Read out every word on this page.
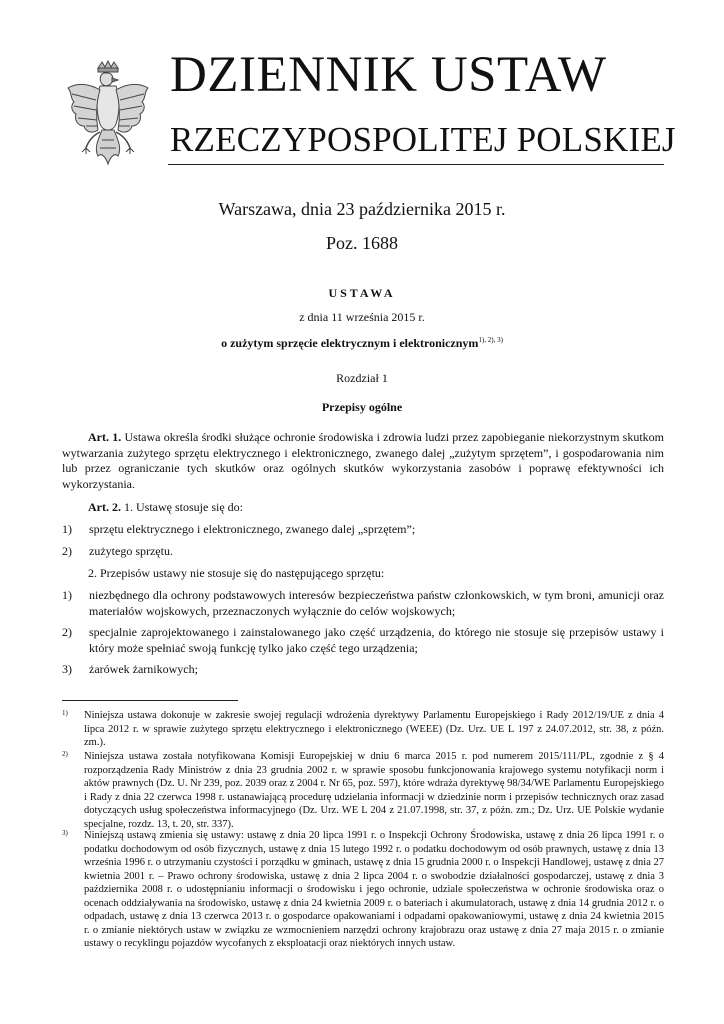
DZIENNIK USTAW
RZECZYPOSPOLITEJ POLSKIEJ
Warszawa, dnia 23 października 2015 r.
Poz. 1688
USTAWA
z dnia 11 września 2015 r.
o zużytym sprzęcie elektrycznym i elektronicznym$^{1), 2), 3)}$
Rozdział 1
Przepisy ogólne

Art. 1. Ustawa określa środki służące ochronie środowiska i zdrowia ludzi przez zapobieganie niekorzystnym skutkom wytwarzania zużytego sprzętu elektrycznego i elektronicznego, zwanego dalej „zużytym sprzętem”, i gospodarowania nim lub przez ograniczanie tych skutków oraz ogólnych skutków wykorzystania zasobów i poprawę efektywności ich wykorzystania.

Art. 2. 1. Ustawę stosuje się do:

1) sprzętu elektrycznego i elektronicznego, zwanego dalej „sprzętem”;
2) zużytego sprzętu.

2. Przepisów ustawy nie stosuje się do następującego sprzętu:

1) niezbędnego dla ochrony podstawowych interesów bezpieczeństwa państw członkowskich, w tym broni, amunicji oraz materiałów wojskowych, przeznaczonych wyłącznie do celów wojskowych;
2) specjalnie zaprojektowanego i zainstalowanego jako część urządzenia, do którego nie stosuje się przepisów ustawy i który może spełniać swoją funkcję tylko jako część tego urządzenia;
3) żarówek żarnikowych;
1) Niniejsza ustawa dokonuje w zakresie swojej regulacji wdrożenia dyrektywy Parlamentu Europejskiego i Rady 2012/19/UE z dnia 4 lipca 2012 r. w sprawie zużytego sprzętu elektrycznego i elektronicznego (WEEE) (Dz. Urz. UE L 197 z 24.07.2012, str. 38, z późn. zm.).
2) Niniejsza ustawa została notyfikowana Komisji Europejskiej w dniu 6 marca 2015 r. pod numerem 2015/111/PL, zgodnie z § 4 rozporządzenia Rady Ministrów z dnia 23 grudnia 2002 r. w sprawie sposobu funkcjonowania krajowego systemu notyfikacji norm i aktów prawnych (Dz. U. Nr 239, poz. 2039 oraz z 2004 r. Nr 65, poz. 597), które wdraża dyrektywę 98/34/WE Parlamentu Europejskiego i Rady z dnia 22 czerwca 1998 r. ustanawiającą procedurę udzielania informacji w dziedzinie norm i przepisów technicznych oraz zasad dotyczących usług społeczeństwa informacyjnego (Dz. Urz. WE L 204 z 21.07.1998, str. 37, z późn. zm.; Dz. Urz. UE Polskie wydanie specjalne, rozdz. 13, t. 20, str. 337).
3) Niniejszą ustawą zmienia się ustawy: ustawę z dnia 20 lipca 1991 r. o Inspekcji Ochrony Środowiska, ustawę z dnia 26 lipca 1991 r. o podatku dochodowym od osób fizycznych, ustawę z dnia 15 lutego 1992 r. o podatku dochodowym od osób prawnych, ustawę z dnia 13 września 1996 r. o utrzymaniu czystości i porządku w gminach, ustawę z dnia 15 grudnia 2000 r. o Inspekcji Handlowej, ustawę z dnia 27 kwietnia 2001 r. – Prawo ochrony środowiska, ustawę z dnia 2 lipca 2004 r. o swobodzie działalności gospodarczej, ustawę z dnia 3 października 2008 r. o udostępnianiu informacji o środowisku i jego ochronie, udziale społeczeństwa w ochronie środowiska oraz o ocenach oddziaływania na środowisko, ustawę z dnia 24 kwietnia 2009 r. o bateriach i akumulatorach, ustawę z dnia 14 grudnia 2012 r. o odpadach, ustawę z dnia 13 czerwca 2013 r. o gospodarce opakowaniami i odpadami opakowaniowymi, ustawę z dnia 24 kwietnia 2015 r. o zmianie niektórych ustaw w związku ze wzmocnieniem narzędzi ochrony krajobrazu oraz ustawę z dnia 27 maja 2015 r. o zmianie ustawy o recyklingu pojazdów wycofanych z eksploatacji oraz niektórych innych ustaw.
